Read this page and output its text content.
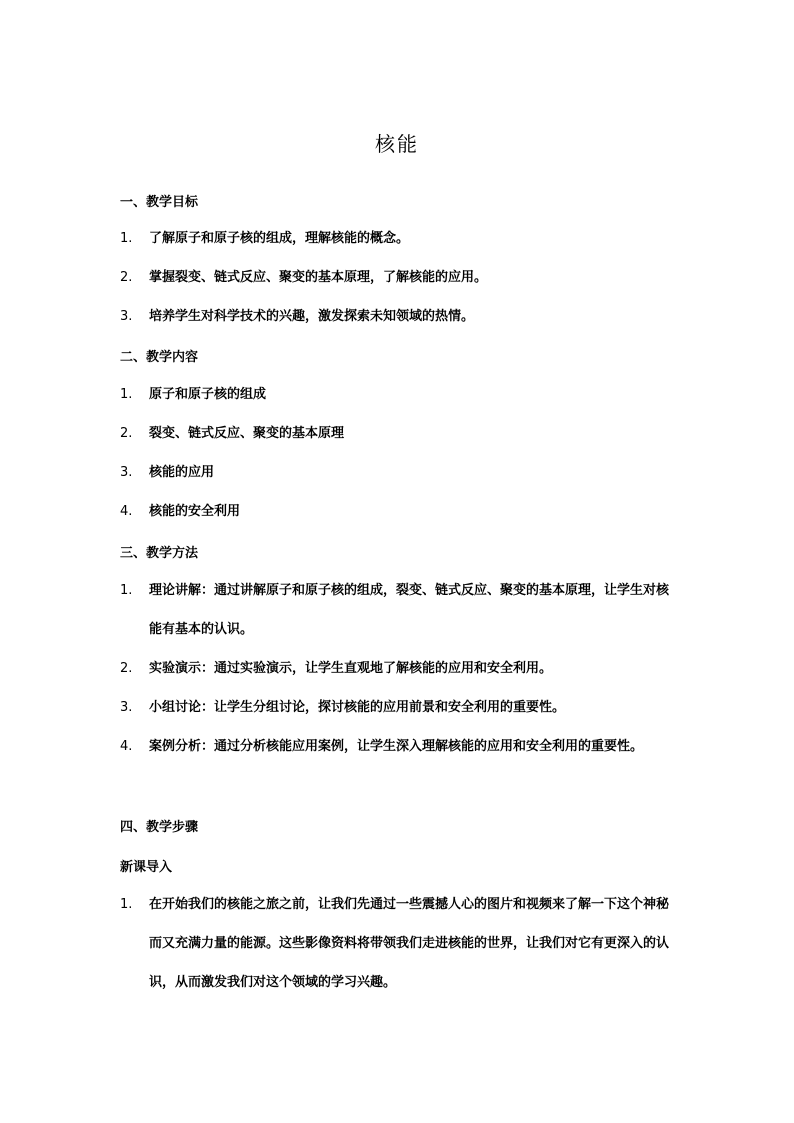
核能
一、教学目标
1.	了解原子和原子核的组成，理解核能的概念。
2.	掌握裂变、链式反应、聚变的基本原理，了解核能的应用。
3.	培养学生对科学技术的兴趣，激发探索未知领域的热情。
二、教学内容
1.	原子和原子核的组成
2.	裂变、链式反应、聚变的基本原理
3.	核能的应用
4.	核能的安全利用
三、教学方法
1.	理论讲解：通过讲解原子和原子核的组成，裂变、链式反应、聚变的基本原理，让学生对核能有基本的认识。
2.	实验演示：通过实验演示，让学生直观地了解核能的应用和安全利用。
3.	小组讨论：让学生分组讨论，探讨核能的应用前景和安全利用的重要性。
4.	案例分析：通过分析核能应用案例，让学生深入理解核能的应用和安全利用的重要性。
四、教学步骤
新课导入
1.	在开始我们的核能之旅之前，让我们先通过一些震撼人心的图片和视频来了解一下这个神秘而又充满力量的能源。这些影像资料将带领我们走进核能的世界，让我们对它有更深入的认识，从而激发我们对这个领域的学习兴趣。
